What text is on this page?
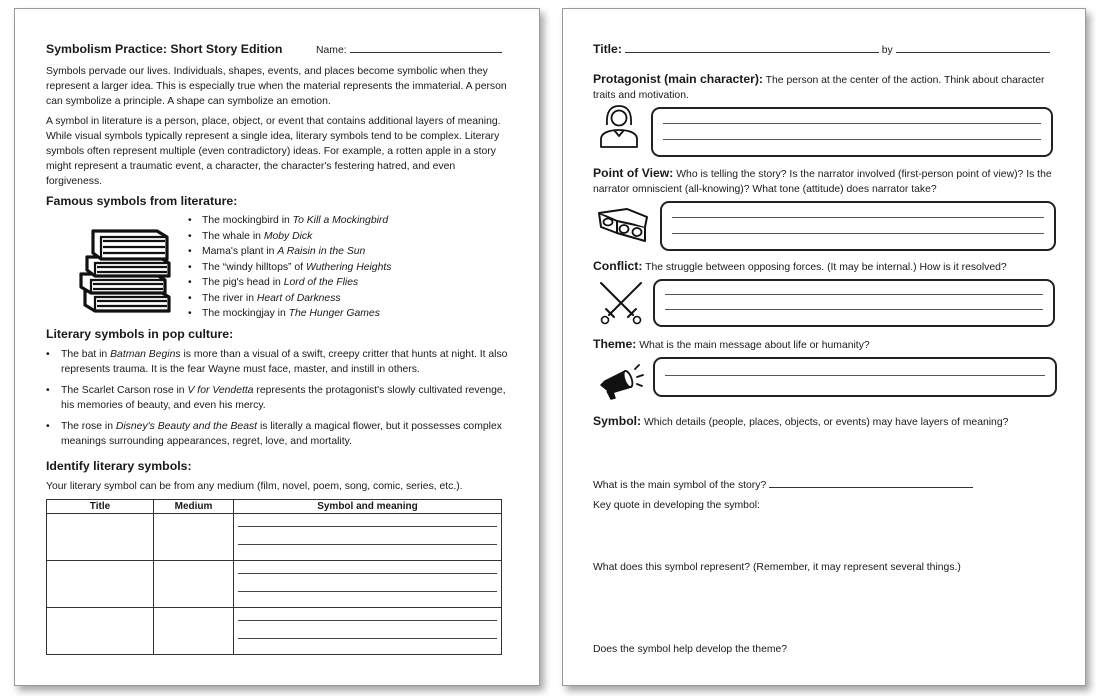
Symbolism Practice: Short Story Edition	Name:
Symbols pervade our lives. Individuals, shapes, events, and places become symbolic when they represent a larger idea. This is especially true when the material represents the immaterial. A person can symbolize a principle. A shape can symbolize an emotion.
A symbol in literature is a person, place, object, or event that contains additional layers of meaning. While visual symbols typically represent a single idea, literary symbols tend to be complex. Literary symbols often represent multiple (even contradictory) ideas. For example, a rotten apple in a story might represent a traumatic event, a character, the character's festering hatred, and even forgiveness.
Famous symbols from literature:
• The mockingbird in To Kill a Mockingbird
• The whale in Moby Dick
• Mama's plant in A Raisin in the Sun
• The “windy hilltops” of Wuthering Heights
• The pig's head in Lord of the Flies
• The river in Heart of Darkness
• The mockingjay in The Hunger Games
Literary symbols in pop culture:
• The bat in Batman Begins is more than a visual of a swift, creepy critter that hunts at night. It also represents trauma. It is the fear Wayne must face, master, and instill in others.
• The Scarlet Carson rose in V for Vendetta represents the protagonist's slowly cultivated revenge, his memories of beauty, and even his mercy.
• The rose in Disney's Beauty and the Beast is literally a magical flower, but it possesses complex meanings surrounding appearances, regret, love, and mortality.
Identify literary symbols:
Your literary symbol can be from any medium (film, novel, poem, song, comic, series, etc.).
Title	Medium	Symbol and meaning

Title:	by
Protagonist (main character): The person at the center of the action. Think about character traits and motivation.
Point of View: Who is telling the story? Is the narrator involved (first-person point of view)? Is the narrator omniscient (all-knowing)? What tone (attitude) does narrator take?
Conflict: The struggle between opposing forces. (It may be internal.) How is it resolved?
Theme: What is the main message about life or humanity?
Symbol: Which details (people, places, objects, or events) may have layers of meaning?
What is the main symbol of the story?
Key quote in developing the symbol:
What does this symbol represent? (Remember, it may represent several things.)
Does the symbol help develop the theme?
